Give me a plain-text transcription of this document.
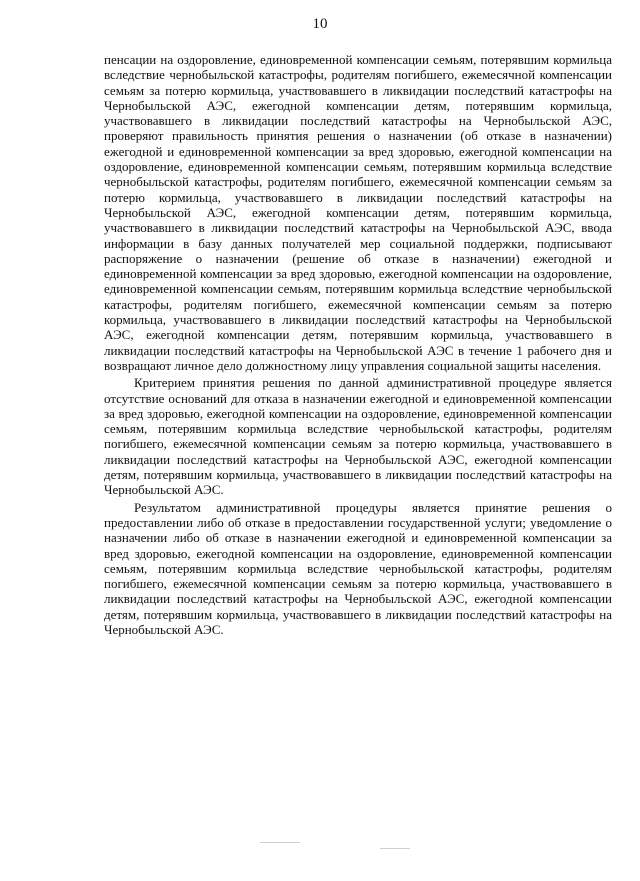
10

пенсации на оздоровление, единовременной компенсации семьям, потерявшим кормильца вследствие чернобыльской катастрофы, родителям погибшего, ежемесячной компенсации семьям за потерю кормильца, участвовавшего в ликвидации последствий катастрофы на Чернобыльской АЭС, ежегодной компенсации детям, потерявшим кормильца, участвовавшего в ликвидации последствий катастрофы на Чернобыльской АЭС, проверяют правильность принятия решения о назначении (об отказе в назначении) ежегодной и единовременной компенсации за вред здоровью, ежегодной компенсации на оздоровление, единовременной компенсации семьям, потерявшим кормильца вследствие чернобыльской катастрофы, родителям погибшего, ежемесячной компенсации семьям за потерю кормильца, участвовавшего в ликвидации последствий катастрофы на Чернобыльской АЭС, ежегодной компенсации детям, потерявшим кормильца, участвовавшего в ликвидации последствий катастрофы на Чернобыльской АЭС, ввода информации в базу данных получателей мер социальной поддержки, подписывают распоряжение о назначении (решение об отказе в назначении) ежегодной и единовременной компенсации за вред здоровью, ежегодной компенсации на оздоровление, единовременной компенсации семьям, потерявшим кормильца вследствие чернобыльской катастрофы, родителям погибшего, ежемесячной компенсации семьям за потерю кормильца, участвовавшего в ликвидации последствий катастрофы на Чернобыльской АЭС, ежегодной компенсации детям, потерявшим кормильца, участвовавшего в ликвидации последствий катастрофы на Чернобыльской АЭС в течение 1 рабочего дня и возвращают личное дело должностному лицу управления социальной защиты населения.

Критерием принятия решения по данной административной процедуре является отсутствие оснований для отказа в назначении ежегодной и единовременной компенсации за вред здоровью, ежегодной компенсации на оздоровление, единовременной компенсации семьям, потерявшим кормильца вследствие чернобыльской катастрофы, родителям погибшего, ежемесячной компенсации семьям за потерю кормильца, участвовавшего в ликвидации последствий катастрофы на Чернобыльской АЭС, ежегодной компенсации детям, потерявшим кормильца, участвовавшего в ликвидации последствий катастрофы на Чернобыльской АЭС.

Результатом административной процедуры является принятие решения о предоставлении либо об отказе в предоставлении государственной услуги; уведомление о назначении либо об отказе в назначении ежегодной и единовременной компенсации за вред здоровью, ежегодной компенсации на оздоровление, единовременной компенсации семьям, потерявшим кормильца вследствие чернобыльской катастрофы, родителям погибшего, ежемесячной компенсации семьям за потерю кормильца, участвовавшего в ликвидации последствий катастрофы на Чернобыльской АЭС, ежегодной компенсации детям, потерявшим кормильца, участвовавшего в ликвидации последствий катастрофы на Чернобыльской АЭС.
